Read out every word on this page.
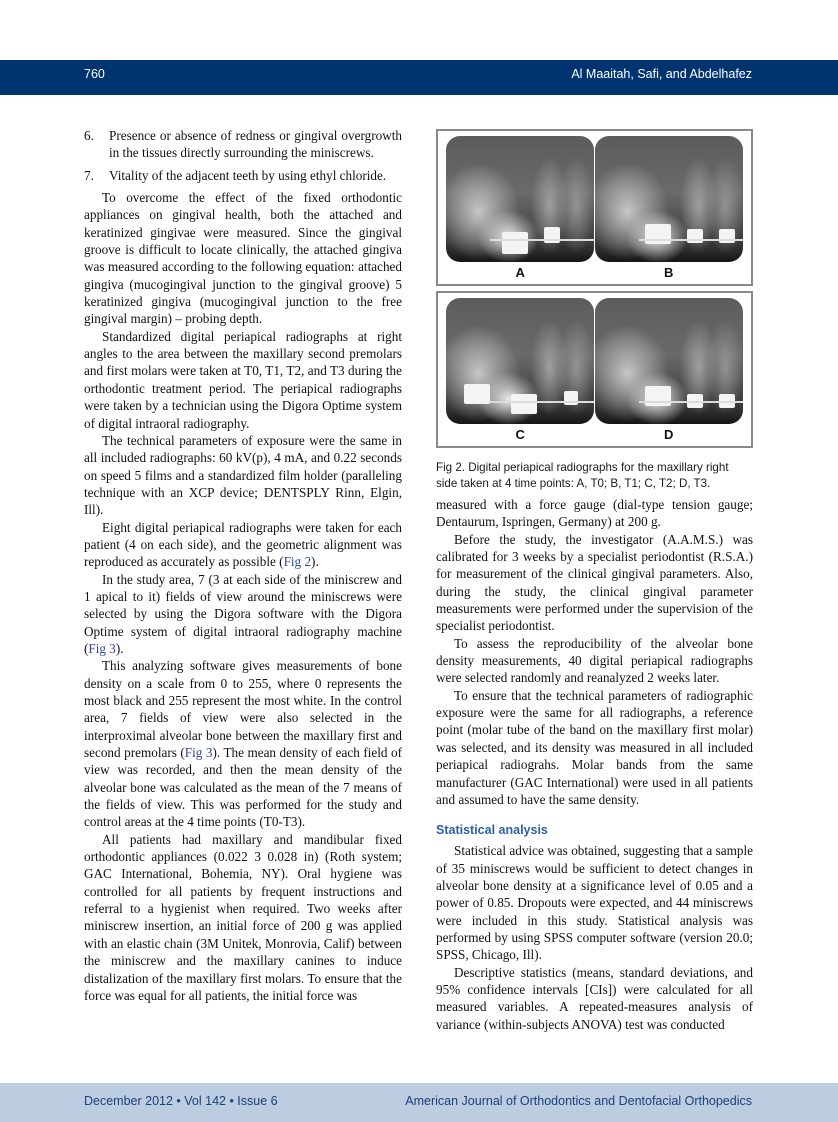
760	Al Maaitah, Safi, and Abdelhafez
6.	Presence or absence of redness or gingival overgrowth in the tissues directly surrounding the miniscrews.
7.	Vitality of the adjacent teeth by using ethyl chloride.

To overcome the effect of the fixed orthodontic appliances on gingival health, both the attached and keratinized gingivae were measured. Since the gingival groove is difficult to locate clinically, the attached gingiva was measured according to the following equation: attached gingiva (mucogingival junction to the gingival groove) 5 keratinized gingiva (mucogingival junction to the free gingival margin) – probing depth.

Standardized digital periapical radiographs at right angles to the area between the maxillary second premolars and first molars were taken at T0, T1, T2, and T3 during the orthodontic treatment period. The periapical radiographs were taken by a technician using the Digora Optime system of digital intraoral radiography.

The technical parameters of exposure were the same in all included radiographs: 60 kV(p), 4 mA, and 0.22 seconds on speed 5 films and a standardized film holder (paralleling technique with an XCP device; DENTSPLY Rinn, Elgin, Ill).

Eight digital periapical radiographs were taken for each patient (4 on each side), and the geometric alignment was reproduced as accurately as possible (Fig 2).

In the study area, 7 (3 at each side of the miniscrew and 1 apical to it) fields of view around the miniscrews were selected by using the Digora software with the Digora Optime system of digital intraoral radiography machine (Fig 3).

This analyzing software gives measurements of bone density on a scale from 0 to 255, where 0 represents the most black and 255 represent the most white. In the control area, 7 fields of view were also selected in the interproximal alveolar bone between the maxillary first and second premolars (Fig 3). The mean density of each field of view was recorded, and then the mean density of the alveolar bone was calculated as the mean of the 7 means of the fields of view. This was performed for the study and control areas at the 4 time points (T0-T3).

All patients had maxillary and mandibular fixed orthodontic appliances (0.022 3 0.028 in) (Roth system; GAC International, Bohemia, NY). Oral hygiene was controlled for all patients by frequent instructions and referral to a hygienist when required. Two weeks after miniscrew insertion, an initial force of 200 g was applied with an elastic chain (3M Unitek, Monrovia, Calif) between the miniscrew and the maxillary canines to induce distalization of the maxillary first molars. To ensure that the force was equal for all patients, the initial force was

A	B
C	D
Fig 2. Digital periapical radiographs for the maxillary right side taken at 4 time points: A, T0; B, T1; C, T2; D, T3.

measured with a force gauge (dial-type tension gauge; Dentaurum, Ispringen, Germany) at 200 g.

Before the study, the investigator (A.A.M.S.) was calibrated for 3 weeks by a specialist periodontist (R.S.A.) for measurement of the clinical gingival parameters. Also, during the study, the clinical gingival parameter measurements were performed under the supervision of the specialist periodontist.

To assess the reproducibility of the alveolar bone density measurements, 40 digital periapical radiographs were selected randomly and reanalyzed 2 weeks later.

To ensure that the technical parameters of radiographic exposure were the same for all radiographs, a reference point (molar tube of the band on the maxillary first molar) was selected, and its density was measured in all included periapical radiograhs. Molar bands from the same manufacturer (GAC International) were used in all patients and assumed to have the same density.

Statistical analysis

Statistical advice was obtained, suggesting that a sample of 35 miniscrews would be sufficient to detect changes in alveolar bone density at a significance level of 0.05 and a power of 0.85. Dropouts were expected, and 44 miniscrews were included in this study. Statistical analysis was performed by using SPSS computer software (version 20.0; SPSS, Chicago, Ill).

Descriptive statistics (means, standard deviations, and 95% confidence intervals [CIs]) were calculated for all measured variables. A repeated-measures analysis of variance (within-subjects ANOVA) test was conducted

December 2012 • Vol 142 • Issue 6	American Journal of Orthodontics and Dentofacial Orthopedics
